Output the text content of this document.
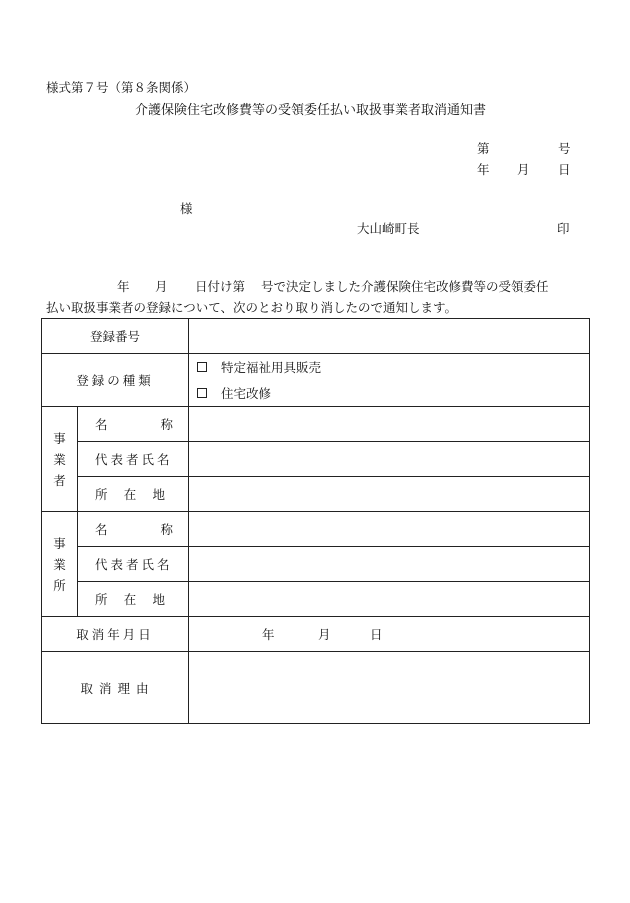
様式第７号（第８条関係）
介護保険住宅改修費等の受領委任払い取扱事業者取消通知書
第	号
年 月 日
様
大山崎町長	印
年 月 日付け第 号で決定しました介護保険住宅改修費等の受領委任
払い取扱事業者の登録について、次のとおり取り消したので通知します。
登録番号		
登録の種類		特定福祉用具販売
住宅改修

事
業
者	名 称	

	代表者氏名	

	所 在 地	

事
業
所	名 称	

	代表者氏名	

	所 在 地	

取消年月日		年 月 日

取 消 理 由		
